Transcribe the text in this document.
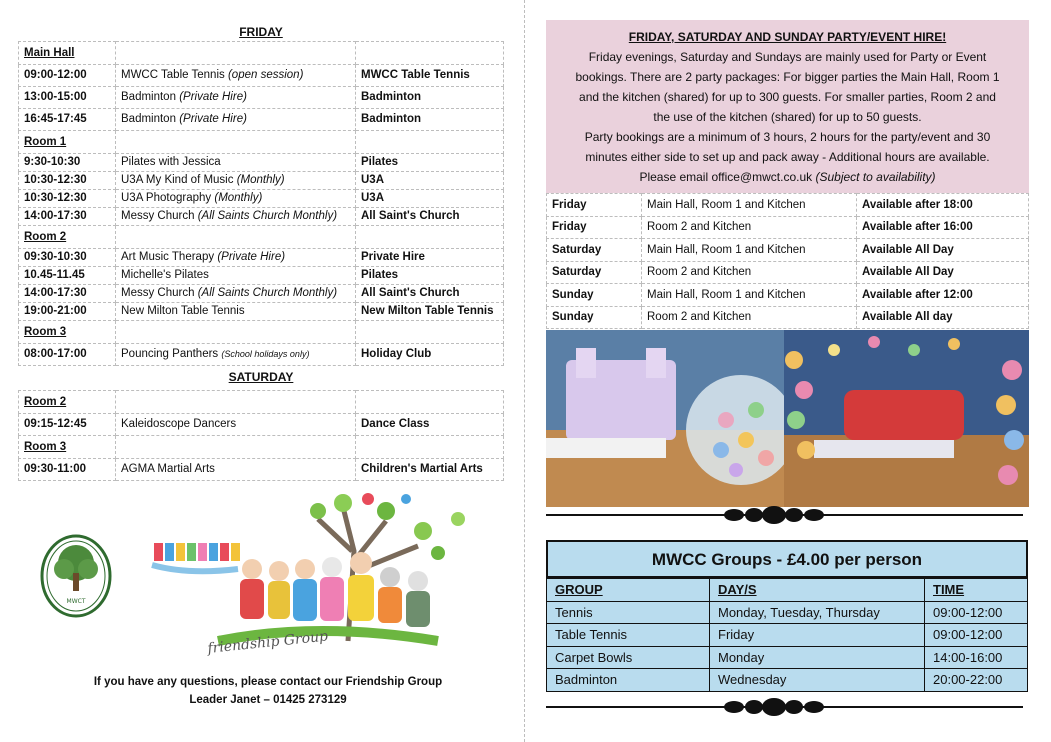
FRIDAY
Main Hall		
09:00-12:00	MWCC Table Tennis (open session)	MWCC Table Tennis
13:00-15:00	Badminton (Private Hire)	Badminton
16:45-17:45	Badminton (Private Hire)	Badminton
Room 1		
9:30-10:30	Pilates with Jessica	Pilates
10:30-12:30	U3A My Kind of Music (Monthly)	U3A
10:30-12:30	U3A Photography (Monthly)	U3A
14:00-17:30	Messy Church (All Saints Church Monthly)	All Saint's Church
Room 2		
09:30-10:30	Art Music Therapy (Private Hire)	Private Hire
10.45-11.45	Michelle's Pilates	Pilates
14:00-17:30	Messy Church (All Saints Church Monthly)	All Saint's Church
19:00-21:00	New Milton Table Tennis	New Milton Table Tennis
Room 3		
08:00-17:00	Pouncing Panthers (School holidays only)	Holiday Club
SATURDAY
Room 2		
09:15-12:45	Kaleidoscope Dancers	Dance Class
Room 3		
09:30-11:00	AGMA Martial Arts	Children's Martial Arts
MWCT
friendship Group
If you have any questions, please contact our Friendship Group
Leader Janet – 01425 273129
FRIDAY, SATURDAY AND SUNDAY PARTY/EVENT HIRE!
Friday evenings, Saturday and Sundays are mainly used for Party or Event
bookings. There are 2 party packages: For bigger parties the Main Hall, Room 1
and the kitchen (shared) for up to 300 guests. For smaller parties, Room 2 and
the use of the kitchen (shared) for up to 50 guests.
Party bookings are a minimum of 3 hours, 2 hours for the party/event and 30
minutes either side to set up and pack away - Additional hours are available.
Please email office@mwct.co.uk (Subject to availability)
Friday	Main Hall, Room 1 and Kitchen	Available after 18:00
Friday	Room 2 and Kitchen	Available after 16:00
Saturday	Main Hall, Room 1 and Kitchen	Available All Day
Saturday	Room 2 and Kitchen	Available All Day
Sunday	Main Hall, Room 1 and Kitchen	Available after 12:00
Sunday	Room 2 and Kitchen	Available All day
MWCC Groups - £4.00 per person
GROUP	DAY/S	TIME
Tennis	Monday, Tuesday, Thursday	09:00-12:00
Table Tennis	Friday	09:00-12:00
Carpet Bowls	Monday	14:00-16:00
Badminton	Wednesday	20:00-22:00
